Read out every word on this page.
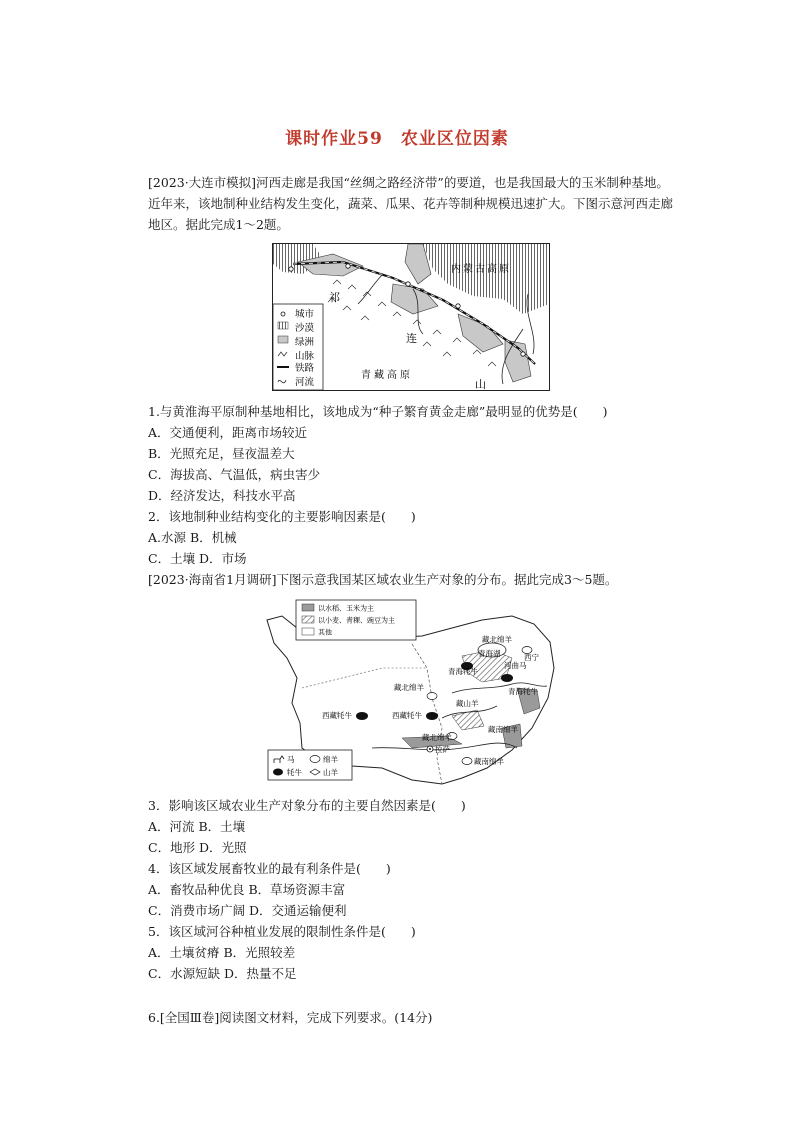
课时作业59　农业区位因素
[2023·大连市模拟]河西走廊是我国“丝绸之路经济带”的要道，也是我国最大的玉米制种基地。近年来，该地制种业结构发生变化，蔬菜、瓜果、花卉等制种规模迅速扩大。下图示意河西走廊地区。据此完成1～2题。
内蒙古高原
祁
连
青藏高原
山
城市
沙漠
绿洲
山脉
铁路
河流
1.与黄淮海平原制种基地相比，该地成为“种子繁育黄金走廊”最明显的优势是(　　)
A．交通便利，距离市场较近
B．光照充足，昼夜温差大
C．海拔高、气温低，病虫害少
D．经济发达，科技水平高
2．该地制种业结构变化的主要影响因素是(　　)
A.水源 B．机械
C．土壤 D．市场
[2023·海南省1月调研]下图示意我国某区域农业生产对象的分布。据此完成3～5题。
藏北绵羊
青海湖	西宁
河曲马
青海牦牛
青海牦牛
藏北绵羊
西藏牦牛	西藏牦牛
藏山羊
藏南绵羊
藏北绵羊
拉萨
藏南绵羊
以水稻、玉米为主
以小麦、青稞、豌豆为主
其他
马	绵羊
牦牛	山羊
3．影响该区域农业生产对象分布的主要自然因素是(　　)
A．河流 B．土壤
C．地形 D．光照
4．该区域发展畜牧业的最有利条件是(　　)
A．畜牧品种优良 B．草场资源丰富
C．消费市场广阔 D．交通运输便利
5．该区域河谷种植业发展的限制性条件是(　　)
A．土壤贫瘠 B．光照较差
C．水源短缺 D．热量不足
6.[全国Ⅲ卷]阅读图文材料，完成下列要求。(14分)
